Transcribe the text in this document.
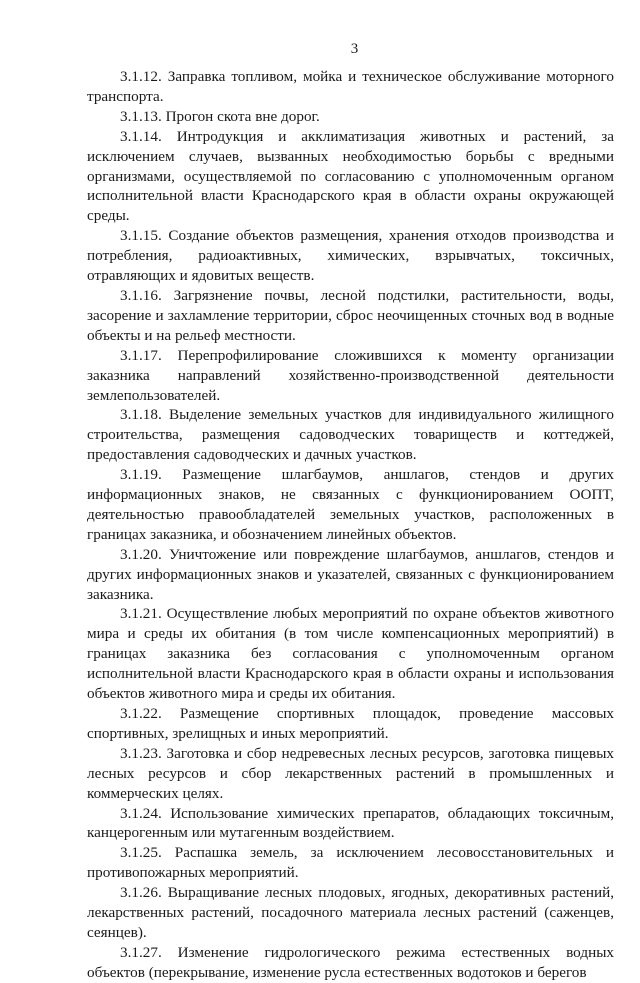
3

3.1.12. Заправка топливом, мойка и техническое обслуживание моторного транспорта.

3.1.13. Прогон скота вне дорог.

3.1.14. Интродукция и акклиматизация животных и растений, за исключением случаев, вызванных необходимостью борьбы с вредными организмами, осуществляемой по согласованию с уполномоченным органом исполнительной власти Краснодарского края в области охраны окружающей среды.

3.1.15. Создание объектов размещения, хранения отходов производства и потребления, радиоактивных, химических, взрывчатых, токсичных, отравляющих и ядовитых веществ.

3.1.16. Загрязнение почвы, лесной подстилки, растительности, воды, засорение и захламление территории, сброс неочищенных сточных вод в водные объекты и на рельеф местности.

3.1.17. Перепрофилирование сложившихся к моменту организации заказника направлений хозяйственно-производственной деятельности землепользователей.

3.1.18. Выделение земельных участков для индивидуального жилищного строительства, размещения садоводческих товариществ и коттеджей, предоставления садоводческих и дачных участков.

3.1.19. Размещение шлагбаумов, аншлагов, стендов и других информационных знаков, не связанных с функционированием ООПТ, деятельностью правообладателей земельных участков, расположенных в границах заказника, и обозначением линейных объектов.

3.1.20. Уничтожение или повреждение шлагбаумов, аншлагов, стендов и других информационных знаков и указателей, связанных с функционированием заказника.

3.1.21. Осуществление любых мероприятий по охране объектов животного мира и среды их обитания (в том числе компенсационных мероприятий) в границах заказника без согласования с уполномоченным органом исполнительной власти Краснодарского края в области охраны и использования объектов животного мира и среды их обитания.

3.1.22. Размещение спортивных площадок, проведение массовых спортивных, зрелищных и иных мероприятий.

3.1.23. Заготовка и сбор недревесных лесных ресурсов, заготовка пищевых лесных ресурсов и сбор лекарственных растений в промышленных и коммерческих целях.

3.1.24. Использование химических препаратов, обладающих токсичным, канцерогенным или мутагенным воздействием.

3.1.25. Распашка земель, за исключением лесовосстановительных и противопожарных мероприятий.

3.1.26. Выращивание лесных плодовых, ягодных, декоративных растений, лекарственных растений, посадочного материала лесных растений (саженцев, сеянцев).

3.1.27. Изменение гидрологического режима естественных водных объектов (перекрывание, изменение русла естественных водотоков и берегов
